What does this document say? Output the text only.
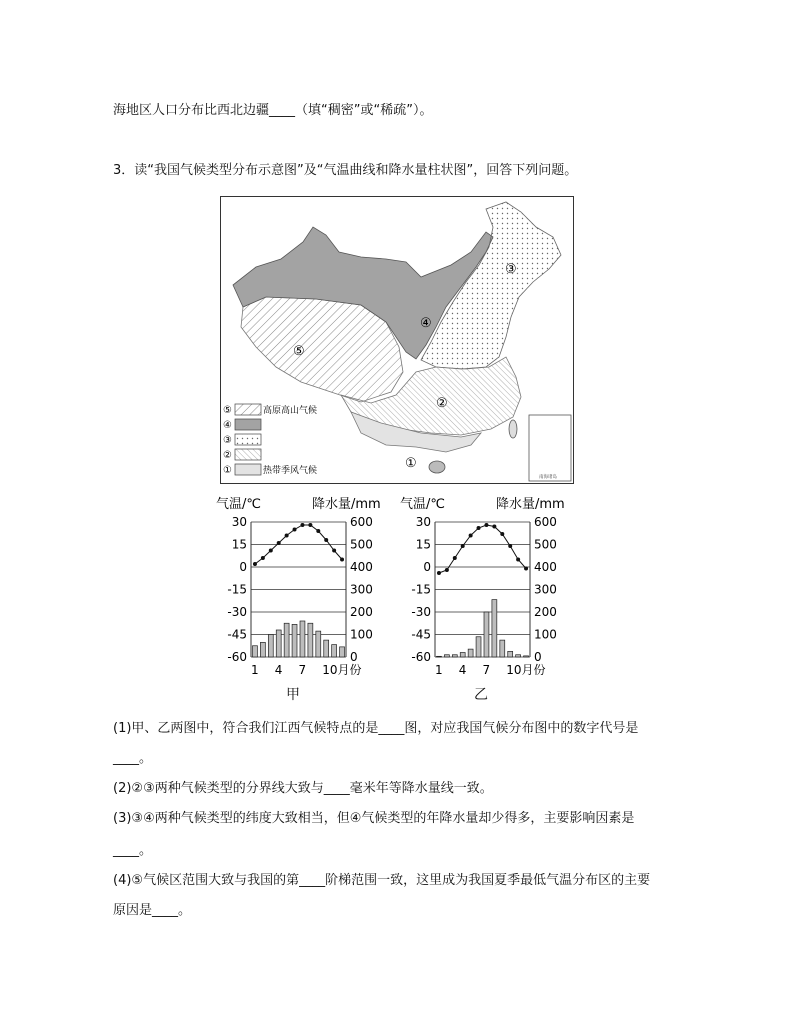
海地区人口分布比西北边疆____（填“稠密”或“稀疏”）。
3．读“我国气候类型分布示意图”及“气温曲线和降水量柱状图”，回答下列问题。
南海诸岛
③
④
⑤
②
①
⑤	高原高山气候
④
③
②
①	热带季风气候
气温/℃	降水量/mm
30	600
15	500
0	400
-15	300
-30	200
-45	100
-60	0
1 4 7 10月份
气温/℃	降水量/mm
30	600
15	500
0	400
-15	300
-30	200
-45	100
-60	0
1 4 7 10月份
甲	乙
(1)甲、乙两图中，符合我们江西气候特点的是____图，对应我国气候分布图中的数字代号是
____。
(2)②③两种气候类型的分界线大致与____毫米年等降水量线一致。
(3)③④两种气候类型的纬度大致相当，但④气候类型的年降水量却少得多，主要影响因素是
____。
(4)⑤气候区范围大致与我国的第____阶梯范围一致，这里成为我国夏季最低气温分布区的主要
原因是____。
